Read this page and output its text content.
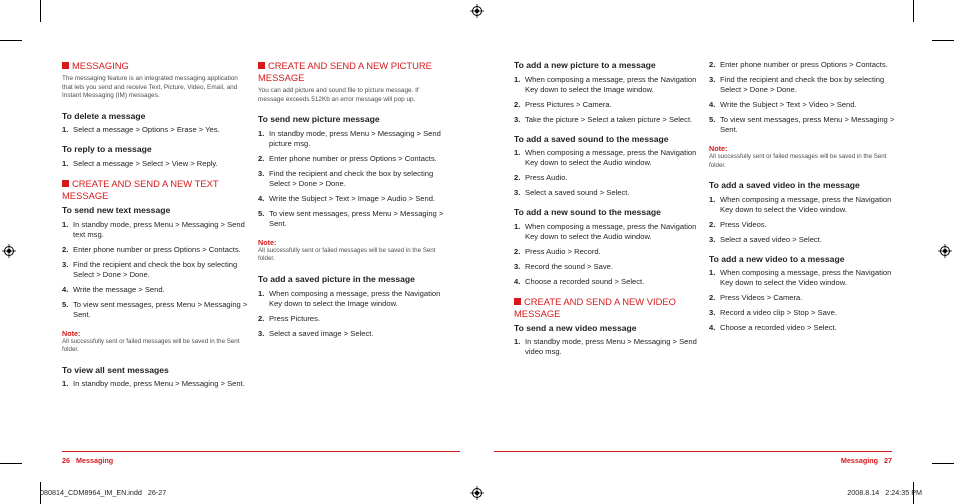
MESSAGING
The messaging feature is an integrated messaging application that lets you send and receive Text, Picture, Video, Email, and Instant Messaging (IM) messages.
To delete a message
1. Select a message > Options > Erase > Yes.
To reply to a message
1. Select a message > Select > View > Reply.
CREATE AND SEND A NEW TEXT MESSAGE
To send new text message
1. In standby mode, press Menu > Messaging > Send text msg.
2. Enter phone number or press Options > Contacts.
3. Find the recipient and check the box by selecting Select > Done > Done.
4. Write the message > Send.
5. To view sent messages, press Menu > Messaging > Sent.
Note:
All successfully sent or failed messages will be saved in the Sent folder.
To view all sent messages
1. In standby mode, press Menu > Messaging > Sent.
CREATE AND SEND A NEW PICTURE MESSAGE
You can add picture and sound file to picture message. If message exceeds 512Kb an error message will pop up.
To send new picture message
1. In standby mode, press Menu > Messaging > Send picture msg.
2. Enter phone number or press Options > Contacts.
3. Find the recipient and check the box by selecting Select > Done > Done.
4. Write the Subject > Text > Image > Audio > Send.
5. To view sent messages, press Menu > Messaging > Sent.
Note:
All successfully sent or failed messages will be saved in the Sent folder.
To add a saved picture in the message
1. When composing a message, press the Navigation Key down to select the Image window.
2. Press Pictures.
3. Select a saved image > Select.
To add a new picture to a message
1. When composing a message, press the Navigation Key down to select the Image window.
2. Press Pictures > Camera.
3. Take the picture > Select a taken picture > Select.
To add a saved sound to the message
1. When composing a message, press the Navigation Key down to select the Audio window.
2. Press Audio.
3. Select a saved sound > Select.
To add a new sound to the message
1. When composing a message, press the Navigation Key down to select the Audio window.
2. Press Audio > Record.
3. Record the sound > Save.
4. Choose a recorded sound > Select.
CREATE AND SEND A NEW VIDEO MESSAGE
To send a new video message
1. In standby mode, press Menu > Messaging > Send video msg.
2. Enter phone number or press Options > Contacts.
3. Find the recipient and check the box by selecting Select > Done > Done.
4. Write the Subject > Text > Video > Send.
5. To view sent messages, press Menu > Messaging > Sent.
Note:
All successfully sent or failed messages will be saved in the Sent folder.
To add a saved video in the message
1. When composing a message, press the Navigation Key down to select the Video window.
2. Press Videos.
3. Select a saved video > Select.
To add a new video to a message
1. When composing a message, press the Navigation Key down to select the Video window.
2. Press Videos > Camera.
3. Record a video clip > Stop > Save.
4. Choose a recorded video > Select.
26   Messaging	Messaging   27
080814_CDM8964_IM_EN.indd   26-27	2008.8.14   2:24:35 PM
